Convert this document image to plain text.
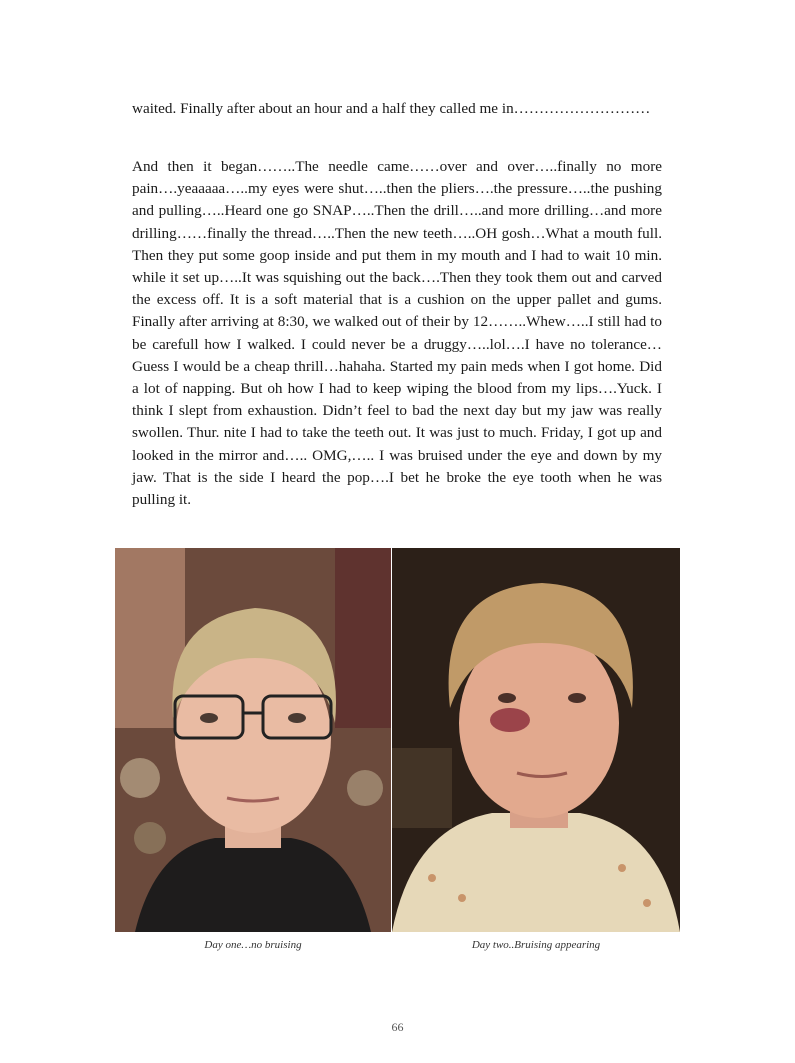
waited. Finally after about an hour and a half they called me in………………………

And then it began……..The needle came……over and over…..finally no more pain….yeaaaaa…..my eyes were shut…..then the pliers….the pressure…..the pushing and pulling…..Heard one go SNAP…..Then the drill…..and more drilling…and more drilling……finally the thread…..Then the new teeth…..OH gosh…What a mouth full. Then they put some goop inside and put them in my mouth and I had to wait 10 min. while it set up…..It was squishing out the back….Then they took them out and carved the excess off. It is a soft material that is a cushion on the upper pallet and gums. Finally after arriving at 8:30, we walked out of their by 12……..Whew…..I still had to be carefull how I walked. I could never be a druggy…..lol….I have no tolerance…Guess I would be a cheap thrill…hahaha. Started my pain meds when I got home. Did a lot of napping. But oh how I had to keep wiping the blood from my lips….Yuck. I think I slept from exhaustion. Didn’t feel to bad the next day but my jaw was really swollen. Thur. nite I had to take the teeth out. It was just to much. Friday, I got up and looked in the mirror and….. OMG,….. I was bruised under the eye and down by my jaw. That is the side I heard the pop….I bet he broke the eye tooth when he was pulling it.

Day one…no bruising	Day two..Bruising appearing

66
